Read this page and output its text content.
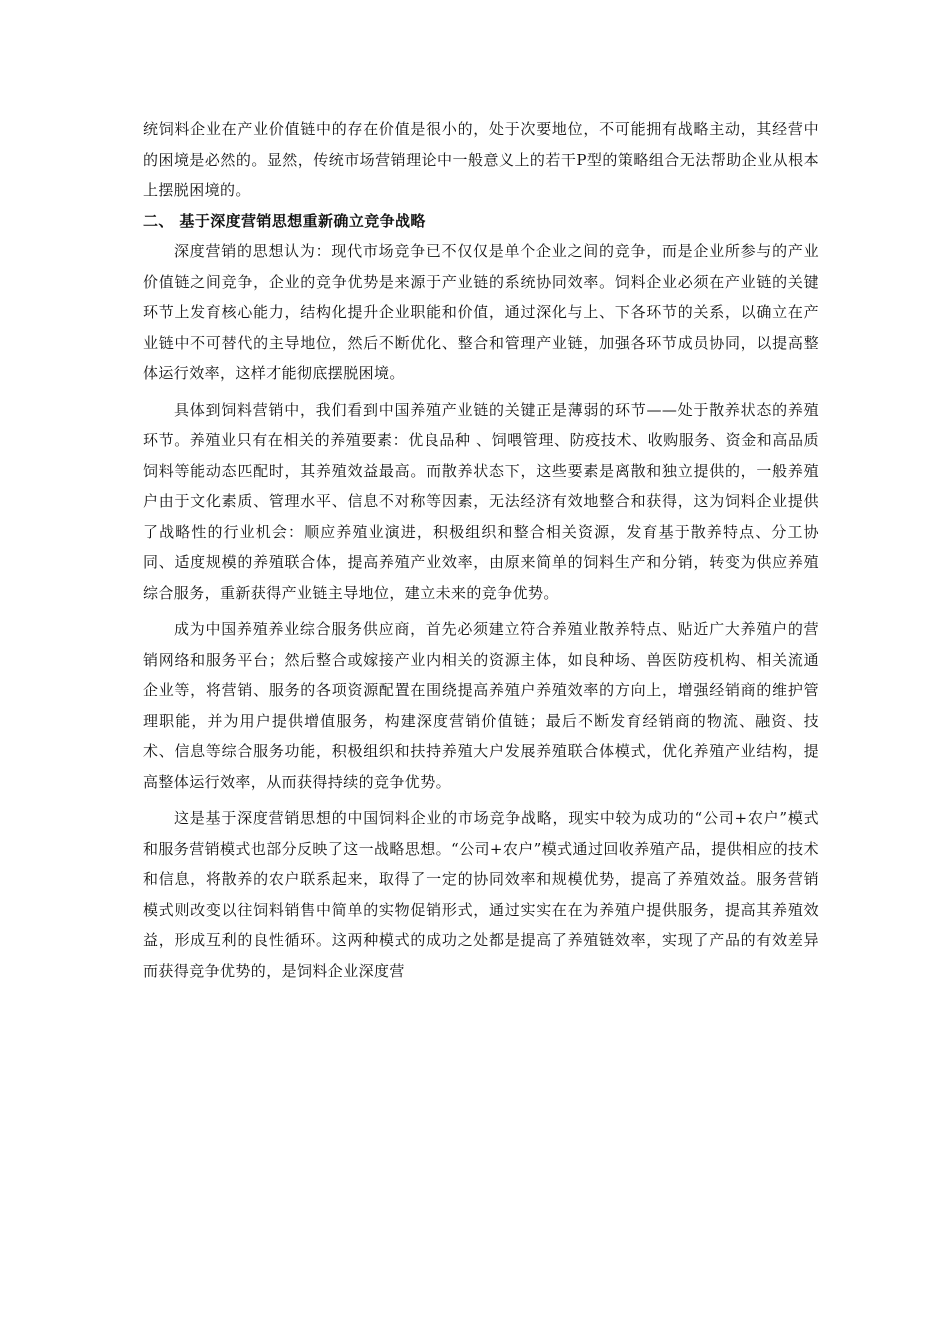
统饲料企业在产业价值链中的存在价值是很小的，处于次要地位，不可能拥有战略主动，其经营中的困境是必然的。显然，传统市场营销理论中一般意义上的若干P型的策略组合无法帮助企业从根本上摆脱困境的。

二、 基于深度营销思想重新确立竞争战略

深度营销的思想认为：现代市场竞争已不仅仅是单个企业之间的竞争，而是企业所参与的产业价值链之间竞争，企业的竞争优势是来源于产业链的系统协同效率。饲料企业必须在产业链的关键环节上发育核心能力，结构化提升企业职能和价值，通过深化与上、下各环节的关系，以确立在产业链中不可替代的主导地位，然后不断优化、整合和管理产业链，加强各环节成员协同，以提高整体运行效率，这样才能彻底摆脱困境。

具体到饲料营销中，我们看到中国养殖产业链的关键正是薄弱的环节——处于散养状态的养殖环节。养殖业只有在相关的养殖要素：优良品种 、饲喂管理、防疫技术、收购服务、资金和高品质饲料等能动态匹配时，其养殖效益最高。而散养状态下，这些要素是离散和独立提供的，一般养殖户由于文化素质、管理水平、信息不对称等因素，无法经济有效地整合和获得，这为饲料企业提供了战略性的行业机会：顺应养殖业演进，积极组织和整合相关资源，发育基于散养特点、分工协同、适度规模的养殖联合体，提高养殖产业效率，由原来简单的饲料生产和分销，转变为供应养殖综合服务，重新获得产业链主导地位，建立未来的竞争优势。

成为中国养殖养业综合服务供应商，首先必须建立符合养殖业散养特点、贴近广大养殖户的营销网络和服务平台；然后整合或嫁接产业内相关的资源主体，如良种场、兽医防疫机构、相关流通企业等，将营销、服务的各项资源配置在围绕提高养殖户养殖效率的方向上，增强经销商的维护管理职能，并为用户提供增值服务，构建深度营销价值链；最后不断发育经销商的物流、融资、技术、信息等综合服务功能，积极组织和扶持养殖大户发展养殖联合体模式，优化养殖产业结构，提高整体运行效率，从而获得持续的竞争优势。

这是基于深度营销思想的中国饲料企业的市场竞争战略，现实中较为成功的“公司+农户”模式和服务营销模式也部分反映了这一战略思想。“公司+农户”模式通过回收养殖产品，提供相应的技术和信息，将散养的农户联系起来，取得了一定的协同效率和规模优势，提高了养殖效益。服务营销模式则改变以往饲料销售中简单的实物促销形式，通过实实在在为养殖户提供服务，提高其养殖效益，形成互利的良性循环。这两种模式的成功之处都是提高了养殖链效率，实现了产品的有效差异而获得竞争优势的，是饲料企业深度营
